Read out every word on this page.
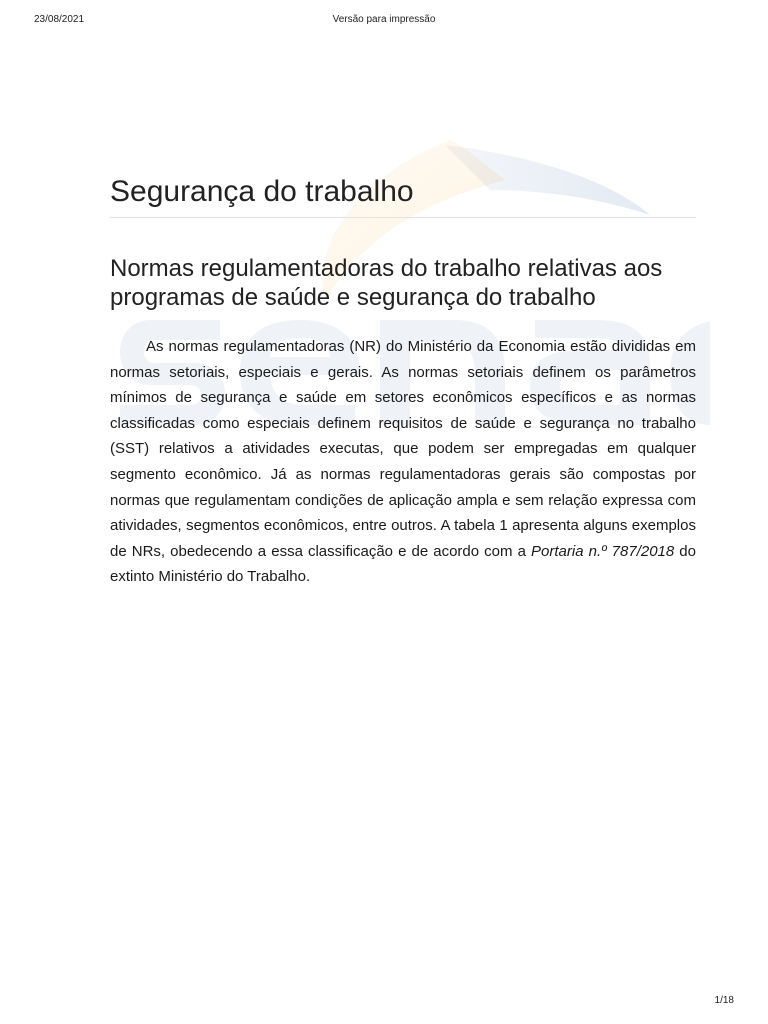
23/08/2021	Versão para impressão
Segurança do trabalho
Normas regulamentadoras do trabalho relativas aos programas de saúde e segurança do trabalho

As normas regulamentadoras (NR) do Ministério da Economia estão divididas em normas setoriais, especiais e gerais. As normas setoriais definem os parâmetros mínimos de segurança e saúde em setores econômicos específicos e as normas classificadas como especiais definem requisitos de saúde e segurança no trabalho (SST) relativos a atividades executas, que podem ser empregadas em qualquer segmento econômico. Já as normas regulamentadoras gerais são compostas por normas que regulamentam condições de aplicação ampla e sem relação expressa com atividades, segmentos econômicos, entre outros. A tabela 1 apresenta alguns exemplos de NRs, obedecendo a essa classificação e de acordo com a Portaria n.º 787/2018 do extinto Ministério do Trabalho.

1/18
